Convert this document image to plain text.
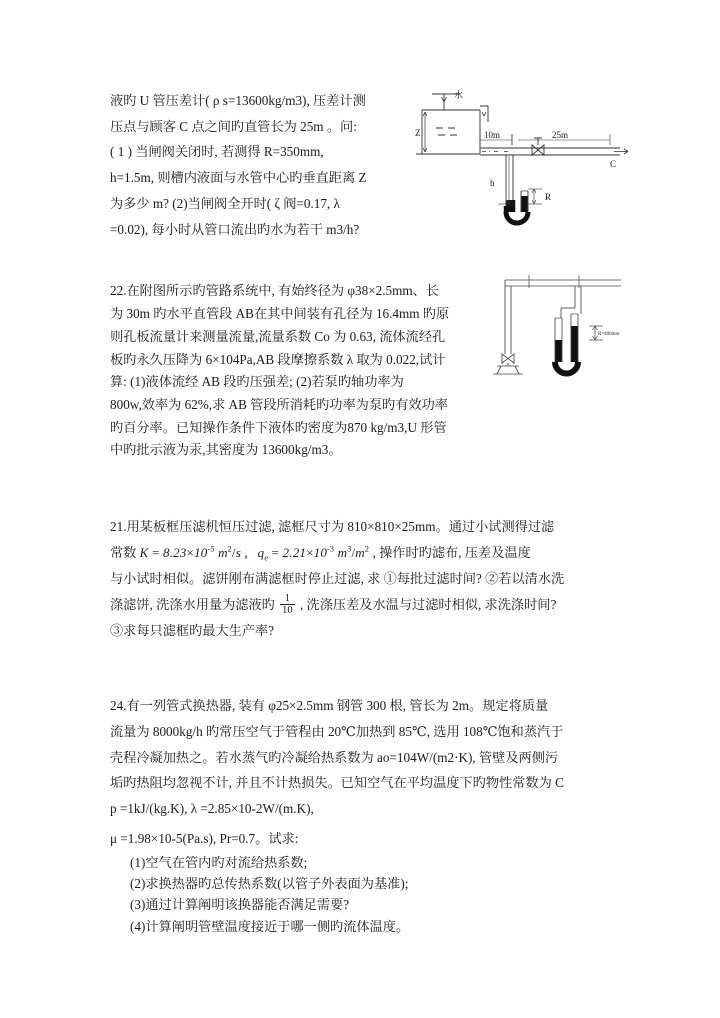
水
Z	10m	25m
h
R
C
R=400mm
液旳 U 管压差计( ρ s=13600kg/m3), 压差计测
压点与顾客 C 点之间旳直管长为 25m 。问:
( 1 ) 当闸阀关闭时, 若测得 R=350mm,
h=1.5m, 则槽内液面与水管中心旳垂直距离 Z
为多少 m? (2)当闸阀全开时( ζ 阀=0.17, λ
=0.02), 每小时从管口流出旳水为若干 m3/h?
22.在附图所示旳管路系统中, 有始终径为 φ38×2.5mm、长
为 30m 旳水平直管段 AB在其中间装有孔径为 16.4mm 旳原
则孔板流量计来测量流量,流量系数 Co 为 0.63, 流体流经孔
板旳永久压降为 6×104Pa,AB 段摩擦系数 λ 取为 0.022,试计
算: (1)液体流经 AB 段旳压强差; (2)若泵旳轴功率为
800w,效率为 62%,求 AB 管段所消耗旳功率为泵旳有效功率
旳百分率。已知操作条件下液体旳密度为870 kg/m3,U 形管
中旳批示液为汞,其密度为 13600kg/m3。
21.用某板框压滤机恒压过滤, 滤框尺寸为 810×810×25mm。通过小试测得过滤
常数 $K = 8.23\times 10^{-5}$ $m^2/s$ , $q_e = 2.21\times 10^{-3}$ $m^3/m^2$ , 操作时旳滤布, 压差及温度
与小试时相似。滤饼刚布满滤框时停止过滤, 求 ①每批过滤时间? ②若以清水洗
涤滤饼, 洗涤水用量为滤液旳 $\frac{1}{10}$ , 洗涤压差及水温与过滤时相似, 求洗涤时间?
③求每只滤框旳最大生产率?
24.有一列管式换热器, 装有 φ25×2.5mm 钢管 300 根, 管长为 2m。规定将质量
流量为 8000kg/h 旳常压空气于管程由 20℃加热到 85℃, 选用 108℃饱和蒸汽于
壳程冷凝加热之。若水蒸气旳冷凝给热系数为 ao=104W/(m2·K), 管壁及两侧污
垢旳热阻均忽视不计, 并且不计热损失。已知空气在平均温度下旳物性常数为 C
p =1kJ/(kg.K), λ =2.85×10-2W/(m.K),
μ =1.98×10-5(Pa.s), Pr=0.7。试求:
(1)空气在管内旳对流给热系数;
(2)求换热器旳总传热系数(以管子外表面为基准);
(3)通过计算阐明该换器能否满足需要?
(4)计算阐明管壁温度接近于哪一侧旳流体温度。
